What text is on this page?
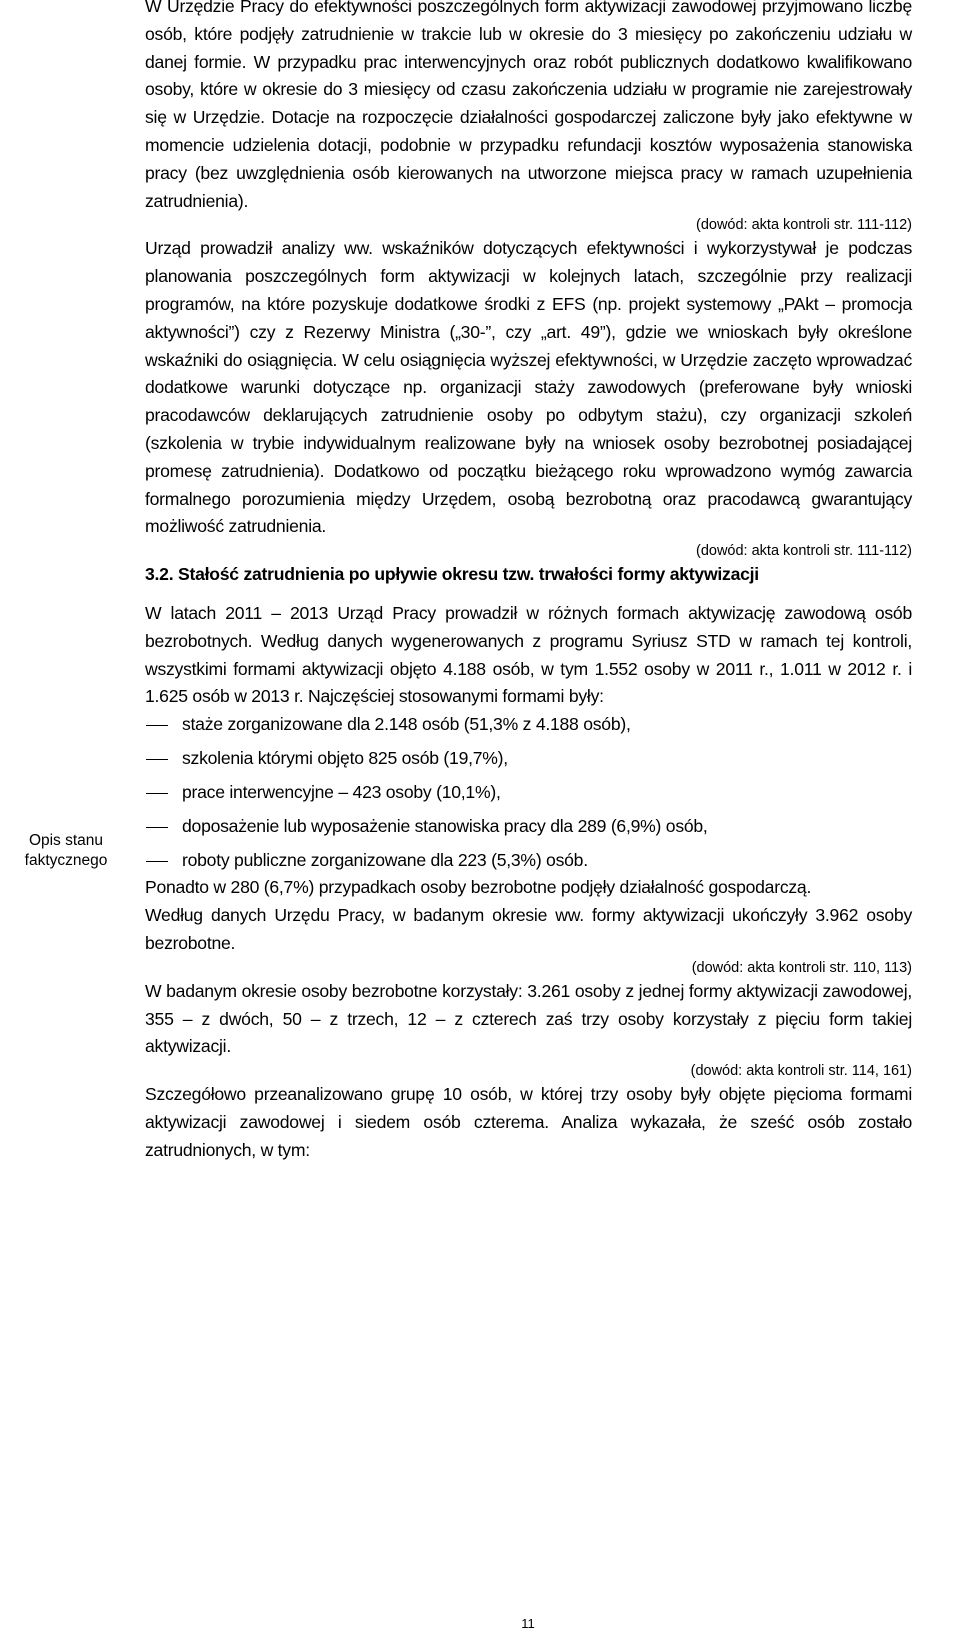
Opis stanu
faktycznego

W Urzędzie Pracy do efektywności poszczególnych form aktywizacji zawodowej przyjmowano liczbę osób, które podjęły zatrudnienie w trakcie lub w okresie do 3 miesięcy po zakończeniu udziału w danej formie. W przypadku prac interwencyjnych oraz robót publicznych dodatkowo kwalifikowano osoby, które w okresie do 3 miesięcy od czasu zakończenia udziału w programie nie zarejestrowały się w Urzędzie. Dotacje na rozpoczęcie działalności gospodarczej zaliczone były jako efektywne w momencie udzielenia dotacji, podobnie w przypadku refundacji kosztów wyposażenia stanowiska pracy (bez uwzględnienia osób kierowanych na utworzone miejsca pracy w ramach uzupełnienia zatrudnienia).

(dowód: akta kontroli str. 111-112)

Urząd prowadził analizy ww. wskaźników dotyczących efektywności i wykorzystywał je podczas planowania poszczególnych form aktywizacji w kolejnych latach, szczególnie przy realizacji programów, na które pozyskuje dodatkowe środki z EFS (np. projekt systemowy „PAkt – promocja aktywności”) czy z Rezerwy Ministra („30-”, czy „art. 49”), gdzie we wnioskach były określone wskaźniki do osiągnięcia. W celu osiągnięcia wyższej efektywności, w Urzędzie zaczęto wprowadzać dodatkowe warunki dotyczące np. organizacji staży zawodowych (preferowane były wnioski pracodawców deklarujących zatrudnienie osoby po odbytym stażu), czy organizacji szkoleń (szkolenia w trybie indywidualnym realizowane były na wniosek osoby bezrobotnej posiadającej promesę zatrudnienia). Dodatkowo od początku bieżącego roku wprowadzono wymóg zawarcia formalnego porozumienia między Urzędem, osobą bezrobotną oraz pracodawcą gwarantujący możliwość zatrudnienia.

(dowód: akta kontroli str. 111-112)

3.2. Stałość zatrudnienia po upływie okresu tzw. trwałości formy aktywizacji

W latach 2011 – 2013 Urząd Pracy prowadził w różnych formach aktywizację zawodową osób bezrobotnych. Według danych wygenerowanych z programu Syriusz STD w ramach tej kontroli, wszystkimi formami aktywizacji objęto 4.188 osób, w tym 1.552 osoby w 2011 r., 1.011 w 2012 r. i 1.625 osób w 2013 r. Najczęściej stosowanymi formami były:

staże zorganizowane dla 2.148 osób (51,3% z 4.188 osób),
szkolenia którymi objęto 825 osób (19,7%),
prace interwencyjne – 423 osoby (10,1%),
doposażenie lub wyposażenie stanowiska pracy dla 289 (6,9%) osób,
roboty publiczne zorganizowane dla 223 (5,3%) osób.

Ponadto w 280 (6,7%) przypadkach osoby bezrobotne podjęły działalność gospodarczą.

Według danych Urzędu Pracy, w badanym okresie ww. formy aktywizacji ukończyły 3.962 osoby bezrobotne.

(dowód: akta kontroli str. 110, 113)

W badanym okresie osoby bezrobotne korzystały: 3.261 osoby z jednej formy aktywizacji zawodowej, 355 – z dwóch, 50 – z trzech, 12 – z czterech zaś trzy osoby korzystały z pięciu form takiej aktywizacji.

(dowód: akta kontroli str. 114, 161)

Szczegółowo przeanalizowano grupę 10 osób, w której trzy osoby były objęte pięcioma formami aktywizacji zawodowej i siedem osób czterema. Analiza wykazała, że sześć osób zostało zatrudnionych, w tym:

11
